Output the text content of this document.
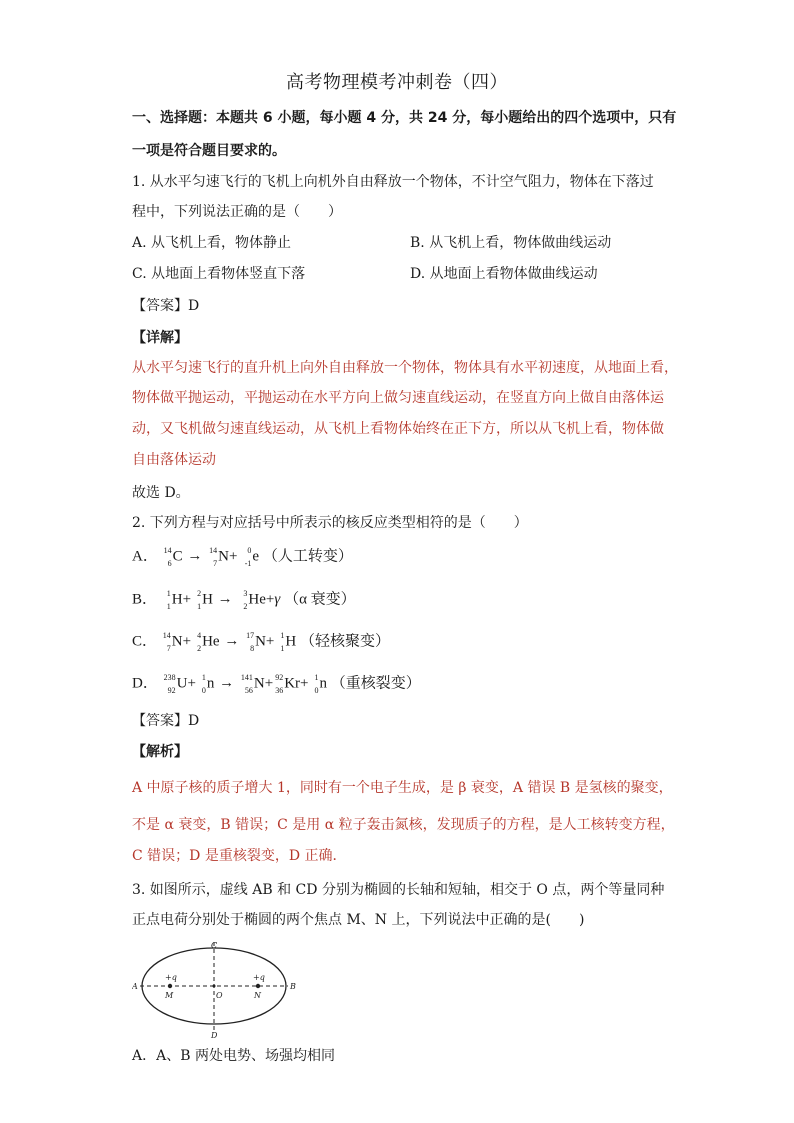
高考物理模考冲刺卷（四）
一、选择题：本题共 6 小题，每小题 4 分，共 24 分，每小题给出的四个选项中，只有
一项是符合题目要求的。
1. 从水平匀速飞行的飞机上向机外自由释放一个物体，不计空气阻力，物体在下落过
程中，下列说法正确的是（　　）
A. 从飞机上看，物体静止	B. 从飞机上看，物体做曲线运动
C. 从地面上看物体竖直下落	D. 从地面上看物体做曲线运动
【答案】D
【详解】
从水平匀速飞行的直升机上向外自由释放一个物体，物体具有水平初速度，从地面上看，
物体做平抛运动，平抛运动在水平方向上做匀速直线运动，在竖直方向上做自由落体运
动，又飞机做匀速直线运动，从飞机上看物体始终在正下方，所以从飞机上看，物体做
自由落体运动
故选 D。
2. 下列方程与对应括号中所表示的核反应类型相符的是（　　）
A． 14
6 C → 14
7 N+ 0
-1 e （人工转变）
B． 1
1 H+ 2
1 H → 3
2 He+γ （α 衰变）
C． 14
7 N+ 4
2 He → 17
8 N+ 1
1 H （轻核聚变）
D． 238
92 U+ 1
0 n → 141
56 N+ 92
36 Kr+ 1
0 n （重核裂变）
【答案】D
【解析】
A 中原子核的质子增大 1，同时有一个电子生成，是 β 衰变，A 错误 B 是氢核的聚变，
不是 α 衰变，B 错误；C 是用 α 粒子轰击氮核，发现质子的方程，是人工核转变方程，
C 错误；D 是重核裂变，D 正确．
3. 如图所示，虚线 AB 和 CD 分别为椭圆的长轴和短轴，相交于 O 点，两个等量同种
正点电荷分别处于椭圆的两个焦点 M、N 上，下列说法中正确的是(　　)
A	B
C
D
O
M	N
+q	+q
A．A、B 两处电势、场强均相同
